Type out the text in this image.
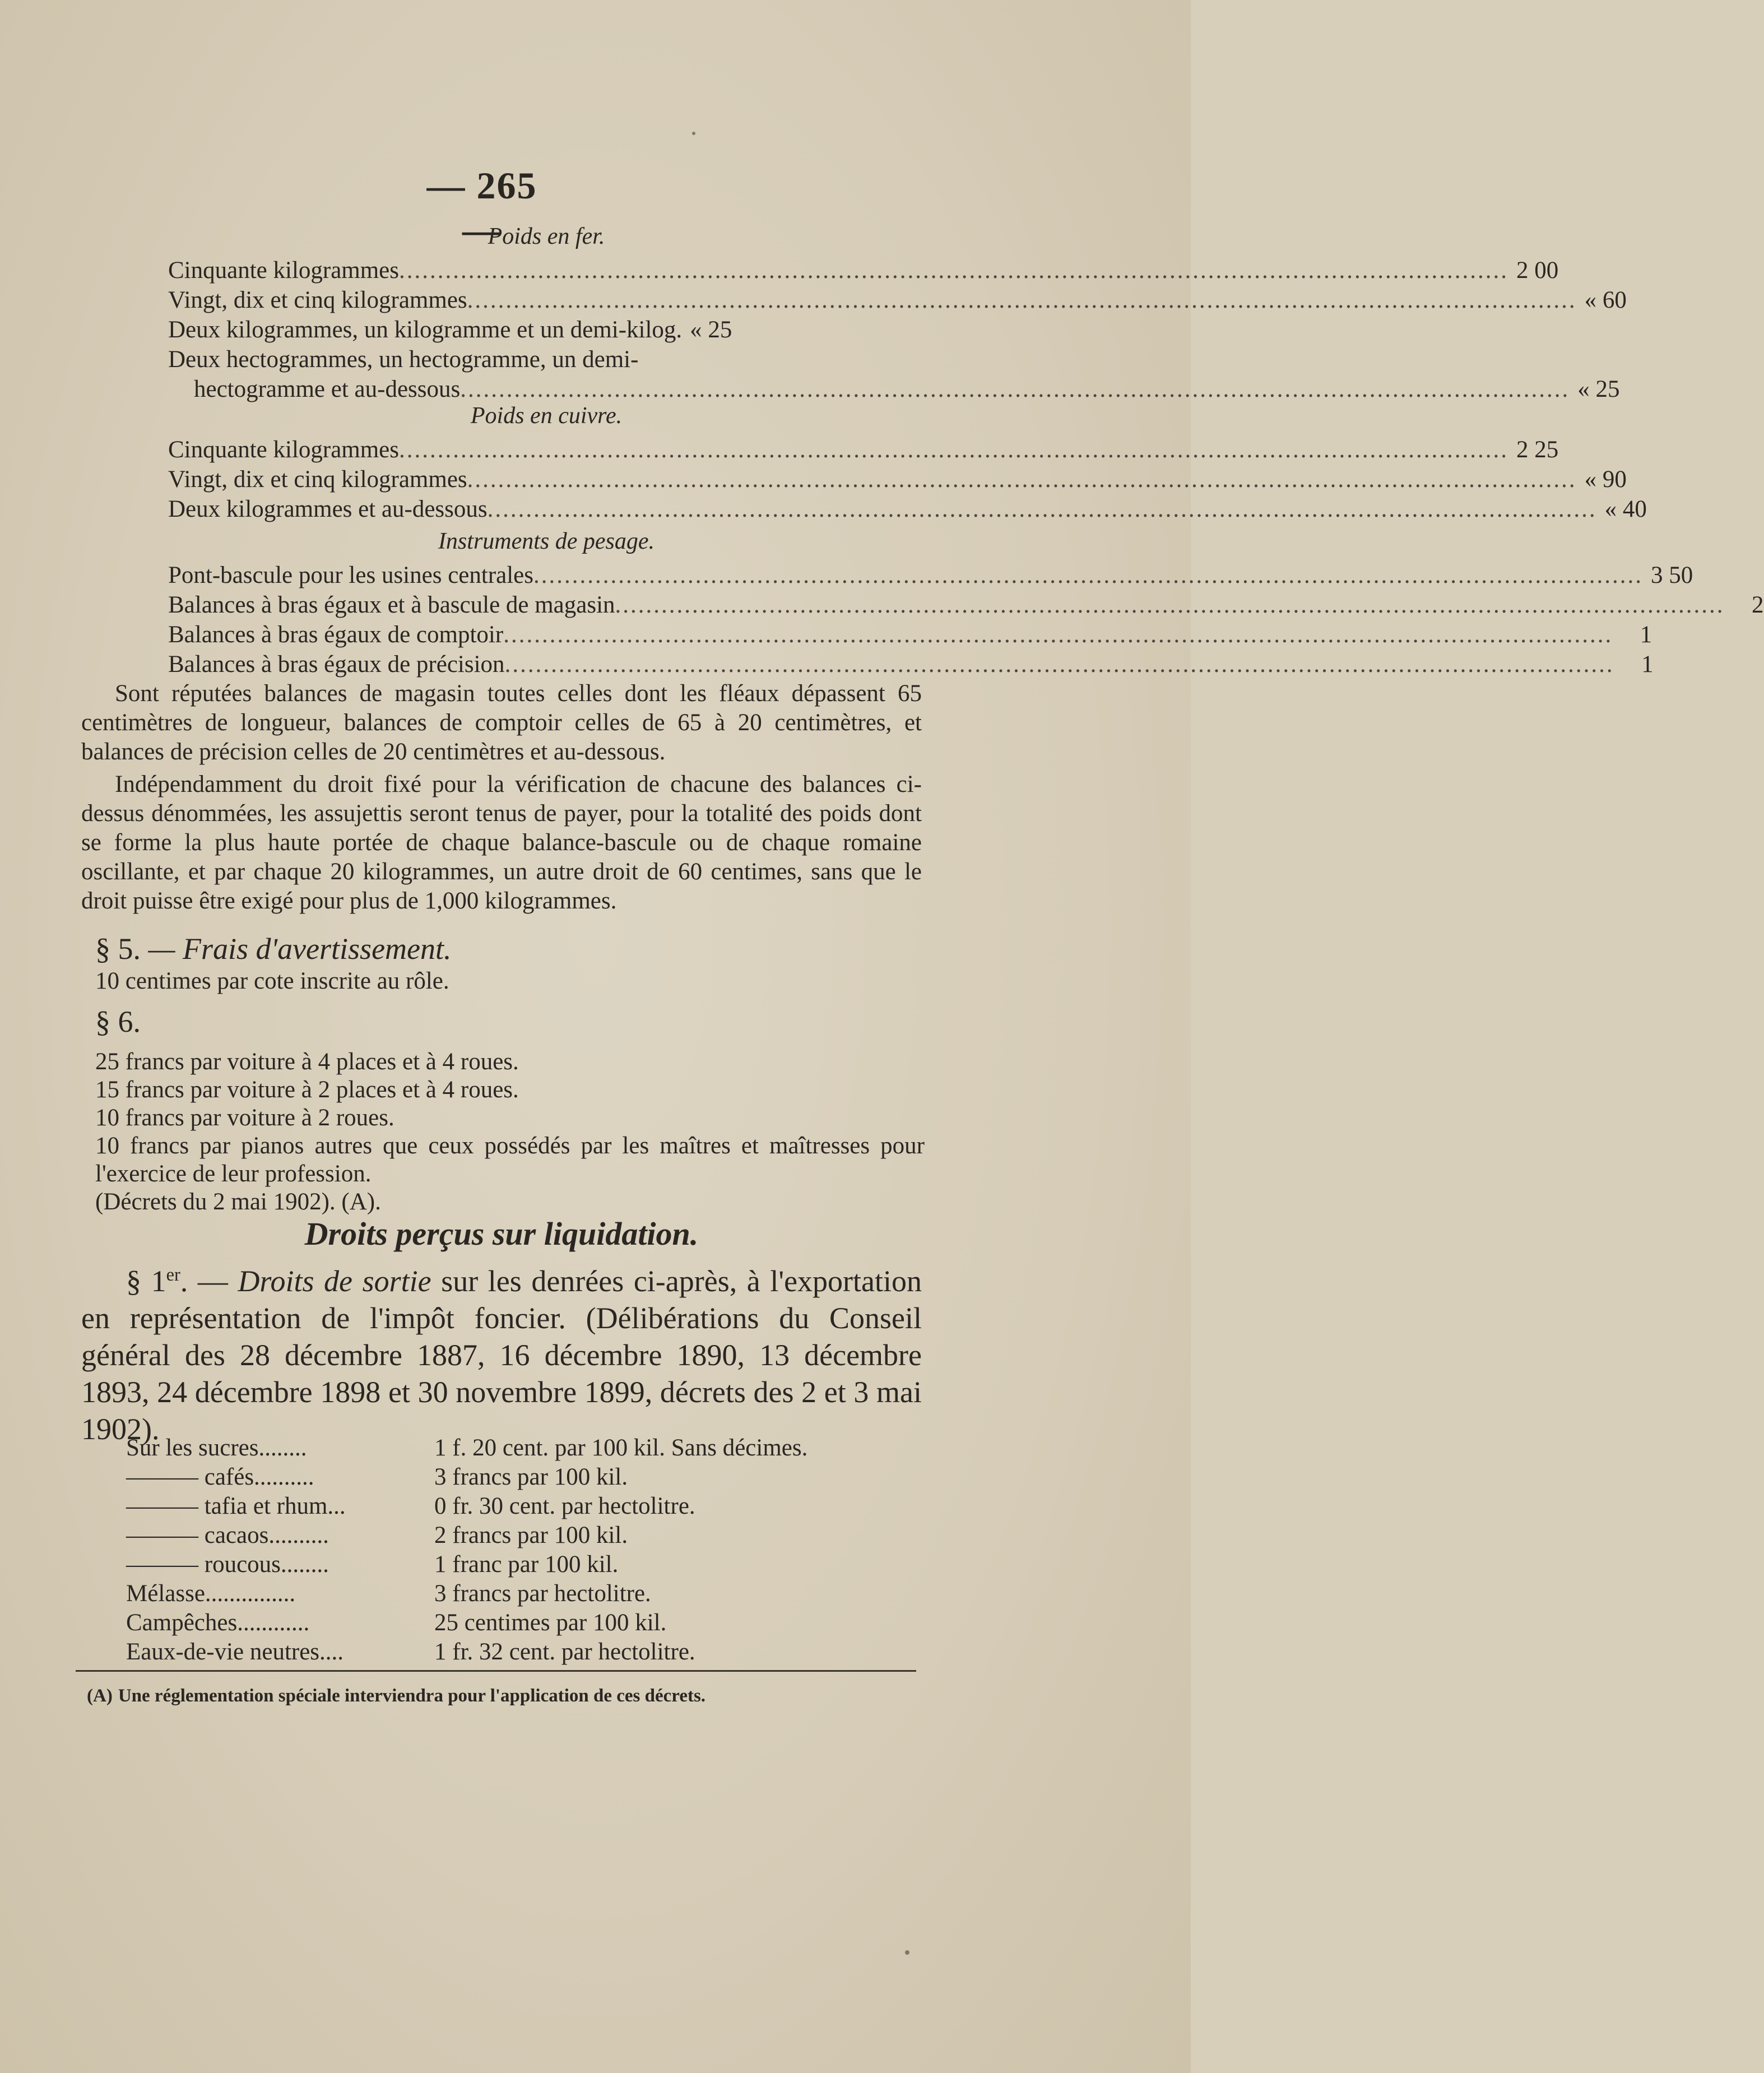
— 265 —
Poids en fer.
Cinquante kilogrammes ................................................................................................................................................ 2 00
Vingt, dix et cinq kilogrammes ................................................................................................................................................ « 60
Deux kilogrammes, un kilogramme et un demi-kilog. « 25
Deux hectogrammes, un hectogramme, un demi-
hectogramme et au-dessous ................................................................................................................................................ « 25
Poids en cuivre.
Cinquante kilogrammes ................................................................................................................................................ 2 25
Vingt, dix et cinq kilogrammes ................................................................................................................................................ « 90
Deux kilogrammes et au-dessous ................................................................................................................................................ « 40
Instruments de pesage.
Pont-bascule pour les usines centrales ................................................................................................................................................ 3 50
Balances à bras égaux et à bascule de magasin ................................................................................................................................................	2
Balances à bras égaux de comptoir ................................................................................................................................................	1
Balances à bras égaux de précision ................................................................................................................................................	1

Sont réputées balances de magasin toutes celles dont les fléaux dépassent 65 centimètres de longueur, balances de comptoir celles de 65 à 20 centimètres, et balances de précision celles de 20 centimètres et au-dessous.

Indépendamment du droit fixé pour la vérification de chacune des balances ci-dessus dénommées, les assujettis seront tenus de payer, pour la totalité des poids dont se forme la plus haute portée de chaque balance-bascule ou de chaque romaine oscillante, et par chaque 20 kilogrammes, un autre droit de 60 centimes, sans que le droit puisse être exigé pour plus de 1,000 kilogrammes.

§ 5. — Frais d'avertissement.
10 centimes par cote inscrite au rôle.
§ 6.
25 francs par voiture à 4 places et à 4 roues.
15 francs par voiture à 2 places et à 4 roues.
10 francs par voiture à 2 roues.
10 francs par pianos autres que ceux possédés par les maîtres et maîtresses pour l'exercice de leur profession.
(Décrets du 2 mai 1902). (A).
Droits perçus sur liquidation.

§ 1er. — Droits de sortie sur les denrées ci-après, à l'exportation en représentation de l'impôt foncier. (Délibérations du Conseil général des 28 décembre 1887, 16 décembre 1890, 13 décembre 1893, 24 décembre 1898 et 30 novembre 1899, décrets des 2 et 3 mai 1902).

Sur les sucres........	1 f. 20 cent. par 100 kil. Sans décimes.
——— cafés..........	3 francs par 100 kil.
——— tafia et rhum...	0 fr. 30 cent. par hectolitre.
——— cacaos..........	2 francs par 100 kil.
——— roucous........	1 franc par 100 kil.
Mélasse...............	3 francs par hectolitre.
Campêches............	25 centimes par 100 kil.
Eaux-de-vie neutres....	1 fr. 32 cent. par hectolitre.
(A) Une réglementation spéciale interviendra pour l'application de ces décrets.
